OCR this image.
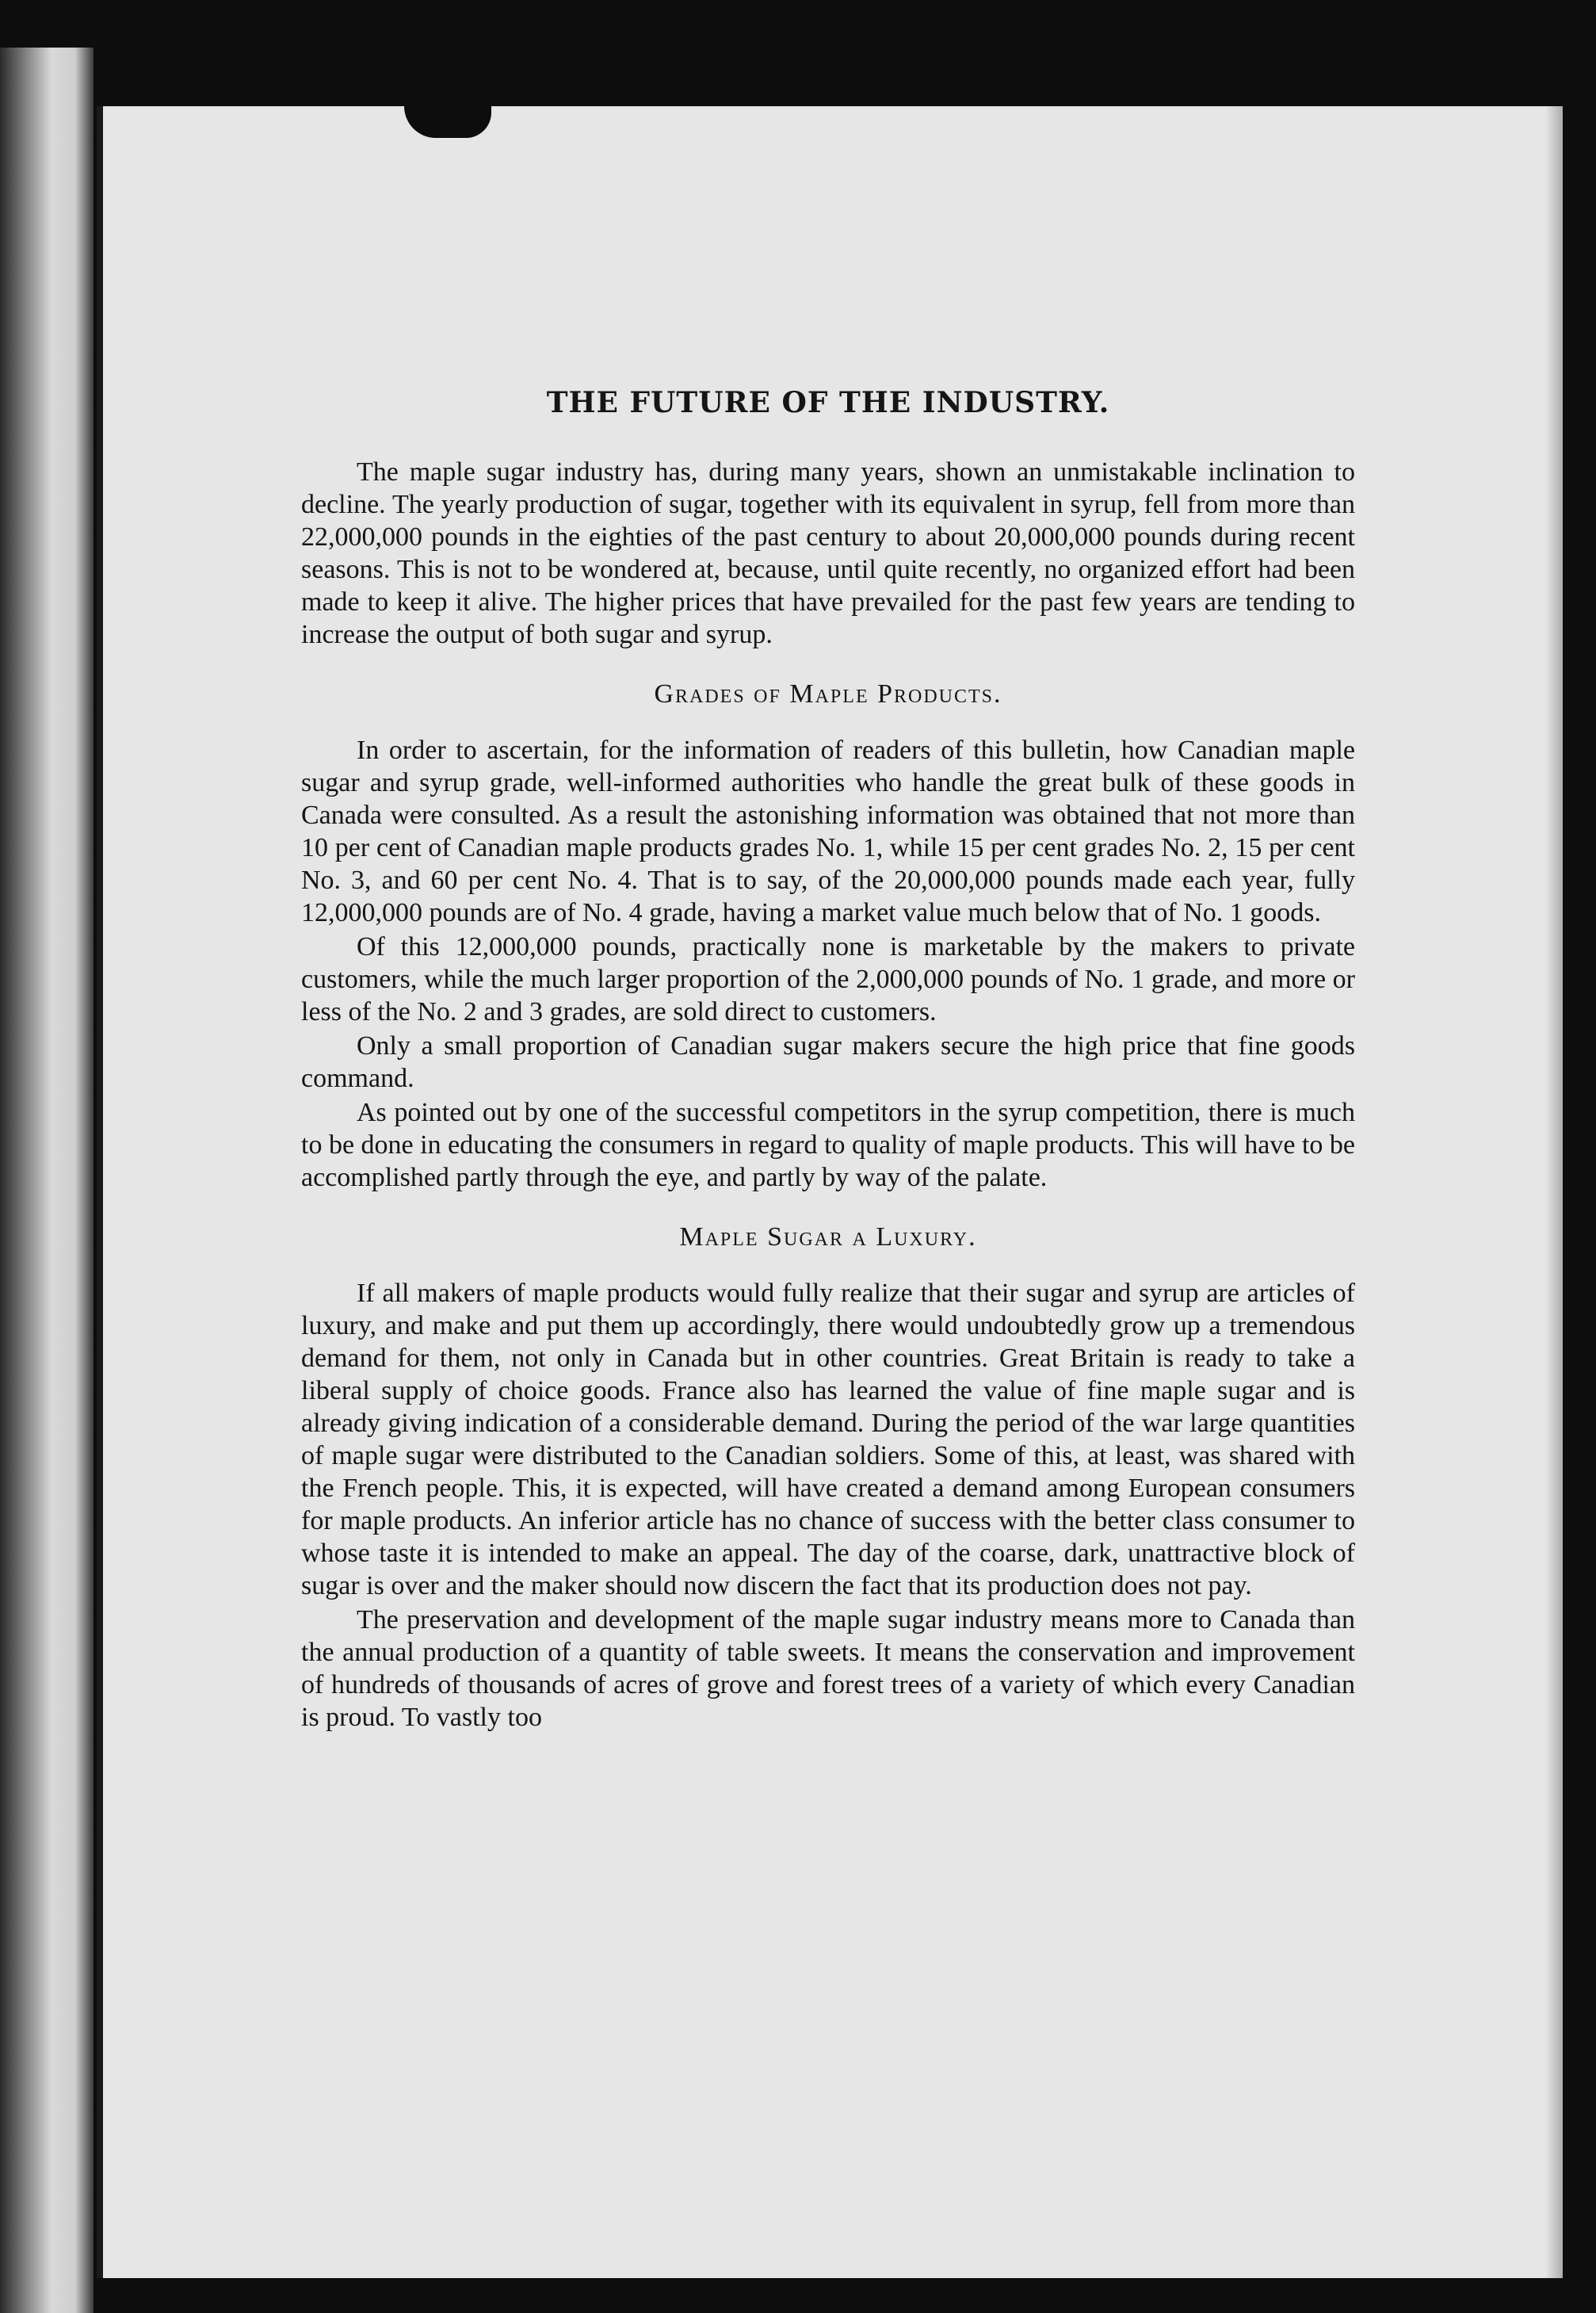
THE FUTURE OF THE INDUSTRY.

The maple sugar industry has, during many years, shown an unmistakable inclination to decline. The yearly production of sugar, together with its equivalent in syrup, fell from more than 22,000,000 pounds in the eighties of the past century to about 20,000,000 pounds during recent seasons. This is not to be wondered at, because, until quite recently, no organized effort had been made to keep it alive. The higher prices that have prevailed for the past few years are tending to increase the output of both sugar and syrup.

Grades of Maple Products.

In order to ascertain, for the information of readers of this bulletin, how Canadian maple sugar and syrup grade, well-informed authorities who handle the great bulk of these goods in Canada were consulted. As a result the astonishing information was obtained that not more than 10 per cent of Canadian maple products grades No. 1, while 15 per cent grades No. 2, 15 per cent No. 3, and 60 per cent No. 4. That is to say, of the 20,000,000 pounds made each year, fully 12,000,000 pounds are of No. 4 grade, having a market value much below that of No. 1 goods.

Of this 12,000,000 pounds, practically none is marketable by the makers to private customers, while the much larger proportion of the 2,000,000 pounds of No. 1 grade, and more or less of the No. 2 and 3 grades, are sold direct to customers.

Only a small proportion of Canadian sugar makers secure the high price that fine goods command.

As pointed out by one of the successful competitors in the syrup competition, there is much to be done in educating the consumers in regard to quality of maple products. This will have to be accomplished partly through the eye, and partly by way of the palate.

Maple Sugar a Luxury.

If all makers of maple products would fully realize that their sugar and syrup are articles of luxury, and make and put them up accordingly, there would undoubtedly grow up a tremendous demand for them, not only in Canada but in other countries. Great Britain is ready to take a liberal supply of choice goods. France also has learned the value of fine maple sugar and is already giving indication of a considerable demand. During the period of the war large quantities of maple sugar were distributed to the Canadian soldiers. Some of this, at least, was shared with the French people. This, it is expected, will have created a demand among European consumers for maple products. An inferior article has no chance of success with the better class consumer to whose taste it is intended to make an appeal. The day of the coarse, dark, unattractive block of sugar is over and the maker should now discern the fact that its production does not pay.

The preservation and development of the maple sugar industry means more to Canada than the annual production of a quantity of table sweets. It means the conservation and improvement of hundreds of thousands of acres of grove and forest trees of a variety of which every Canadian is proud. To vastly too
